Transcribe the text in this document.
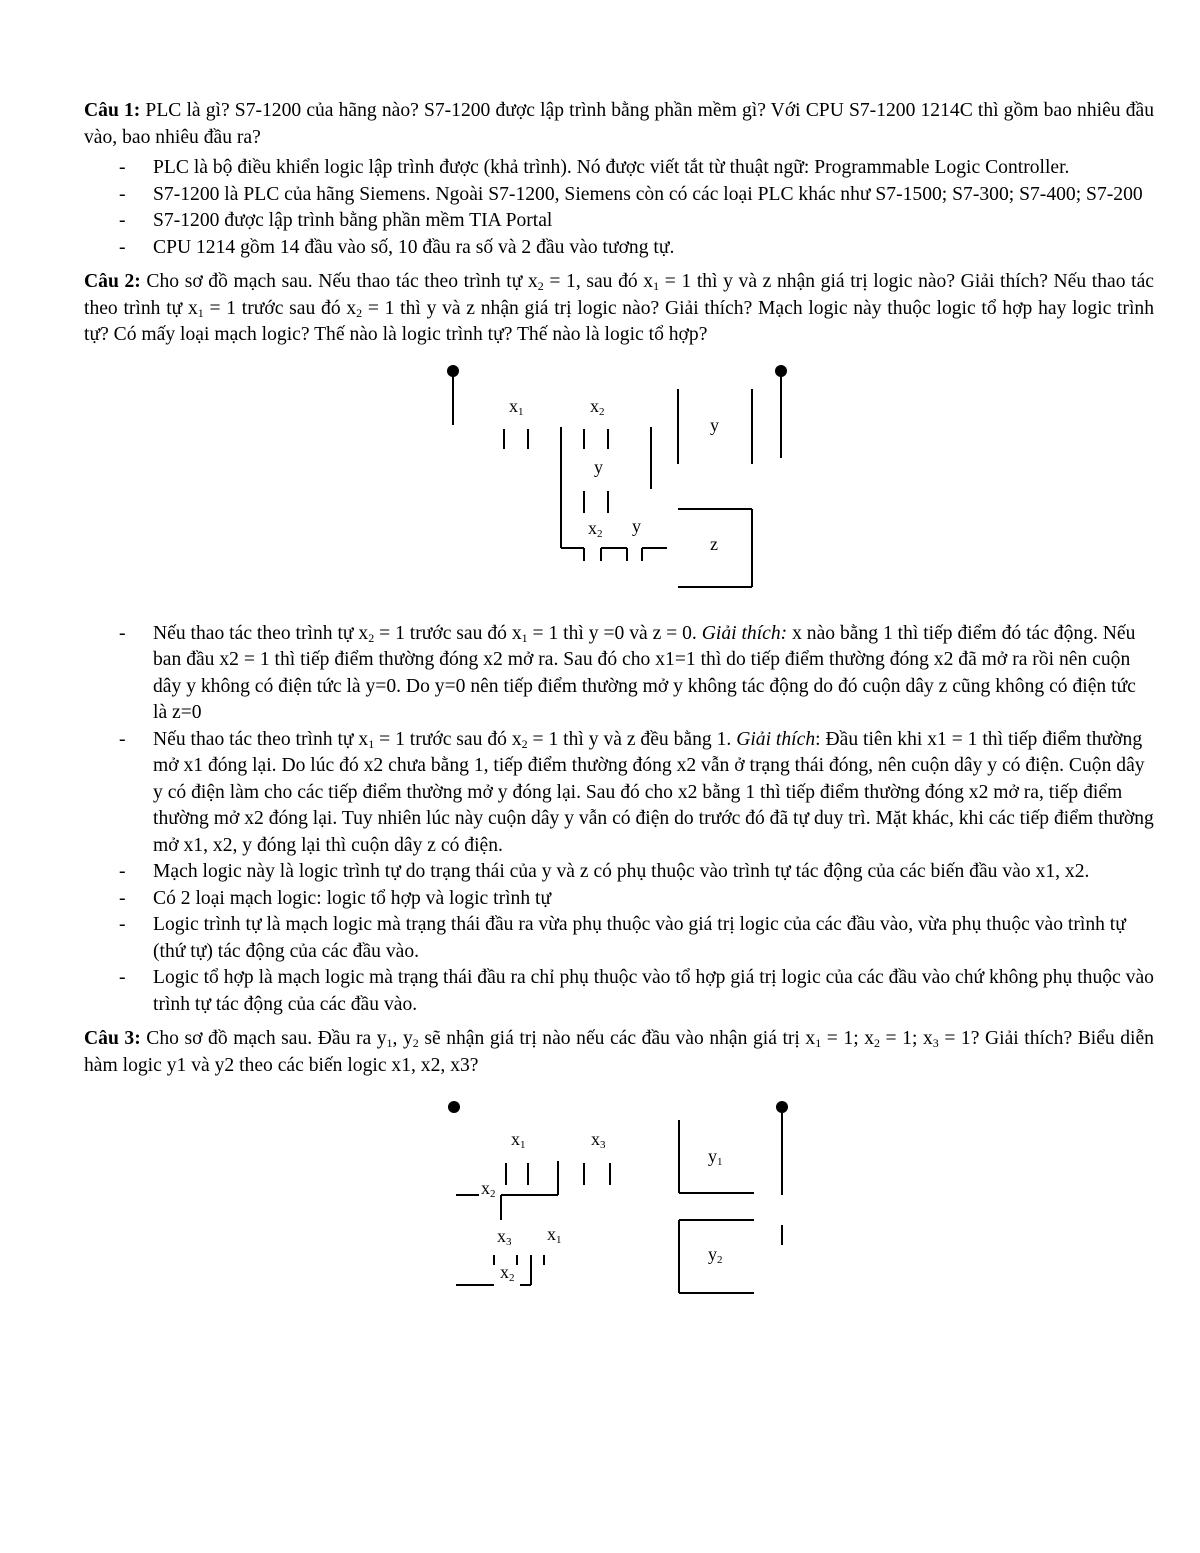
Câu 1: PLC là gì? S7-1200 của hãng nào? S7-1200 được lập trình bằng phần mềm gì? Với CPU S7-1200 1214C thì gồm bao nhiêu đầu vào, bao nhiêu đầu ra?

- PLC là bộ điều khiển logic lập trình được (khả trình). Nó được viết tắt từ thuật ngữ: Programmable Logic Controller.
- S7-1200 là PLC của hãng Siemens. Ngoài S7-1200, Siemens còn có các loại PLC khác như S7-1500; S7-300; S7-400; S7-200
- S7-1200 được lập trình bằng phần mềm TIA Portal
- CPU 1214 gồm 14 đầu vào số, 10 đầu ra số và 2 đầu vào tương tự.

Câu 2: Cho sơ đồ mạch sau. Nếu thao tác theo trình tự $x_2 = 1$, sau đó $x_1 = 1$ thì y và z nhận giá trị logic nào? Giải thích? Nếu thao tác theo trình tự $x_1 = 1$ trước sau đó $x_2 = 1$ thì y và z nhận giá trị logic nào? Giải thích? Mạch logic này thuộc logic tổ hợp hay logic trình tự? Có mấy loại mạch logic? Thế nào là logic trình tự? Thế nào là logic tổ hợp?

$x_1$	$x_2$
y
y
$x_2$ y
z
- Nếu thao tác theo trình tự $x_2 = 1$ trước sau đó $x_1 = 1$ thì y =0 và z = 0. Giải thích: x nào bằng 1 thì tiếp điểm đó tác động. Nếu ban đầu x2 = 1 thì tiếp điểm thường đóng x2 mở ra. Sau đó cho x1=1 thì do tiếp điểm thường đóng x2 đã mở ra rồi nên cuộn dây y không có điện tức là y=0. Do y=0 nên tiếp điểm thường mở y không tác động do đó cuộn dây z cũng không có điện tức là z=0
- Nếu thao tác theo trình tự $x_1 = 1$ trước sau đó $x_2 = 1$ thì y và z đều bằng 1. Giải thích: Đầu tiên khi x1 = 1 thì tiếp điểm thường mở x1 đóng lại. Do lúc đó x2 chưa bằng 1, tiếp điểm thường đóng x2 vẫn ở trạng thái đóng, nên cuộn dây y có điện. Cuộn dây y có điện làm cho các tiếp điểm thường mở y đóng lại. Sau đó cho x2 bằng 1 thì tiếp điểm thường đóng x2 mở ra, tiếp điểm thường mở x2 đóng lại. Tuy nhiên lúc này cuộn dây y vẫn có điện do trước đó đã tự duy trì. Mặt khác, khi các tiếp điểm thường mở x1, x2, y đóng lại thì cuộn dây z có điện.
- Mạch logic này là logic trình tự do trạng thái của y và z có phụ thuộc vào trình tự tác động của các biến đầu vào x1, x2.
- Có 2 loại mạch logic: logic tổ hợp và logic trình tự
- Logic trình tự là mạch logic mà trạng thái đầu ra vừa phụ thuộc vào giá trị logic của các đầu vào, vừa phụ thuộc vào trình tự (thứ tự) tác động của các đầu vào.
- Logic tổ hợp là mạch logic mà trạng thái đầu ra chỉ phụ thuộc vào tổ hợp giá trị logic của các đầu vào chứ không phụ thuộc vào trình tự tác động của các đầu vào.

Câu 3: Cho sơ đồ mạch sau. Đầu ra $y_1$, $y_2$ sẽ nhận giá trị nào nếu các đầu vào nhận giá trị $x_1 = 1$; $x_2 = 1$; $x_3 = 1$? Giải thích? Biểu diễn hàm logic y1 và y2 theo các biến logic x1, x2, x3?

$x_1$	$x_3$
$x_2$
$y_1$
$x_3$ $x_1$
$x_2$
$y_2$
